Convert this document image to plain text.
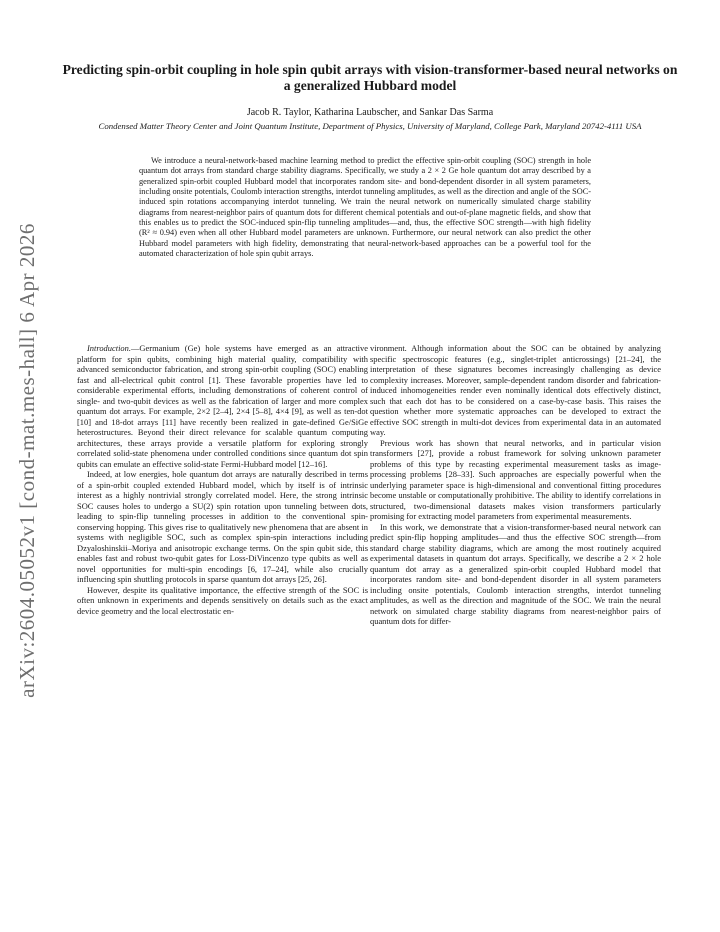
arXiv:2604.05052v1 [cond-mat.mes-hall] 6 Apr 2026
Predicting spin-orbit coupling in hole spin qubit arrays with vision-transformer-based neural networks on a generalized Hubbard model
Jacob R. Taylor, Katharina Laubscher, and Sankar Das Sarma
Condensed Matter Theory Center and Joint Quantum Institute, Department of Physics, University of Maryland, College Park, Maryland 20742-4111 USA

We introduce a neural-network-based machine learning method to predict the effective spin-orbit coupling (SOC) strength in hole quantum dot arrays from standard charge stability diagrams. Specifically, we study a 2 × 2 Ge hole quantum dot array described by a generalized spin-orbit coupled Hubbard model that incorporates random site- and bond-dependent disorder in all system parameters, including onsite potentials, Coulomb interaction strengths, interdot tunneling amplitudes, as well as the direction and angle of the SOC-induced spin rotations accompanying interdot tunneling. We train the neural network on numerically simulated charge stability diagrams from nearest-neighbor pairs of quantum dots for different chemical potentials and out-of-plane magnetic fields, and show that this enables us to predict the SOC-induced spin-flip tunneling amplitudes—and, thus, the effective SOC strength—with high fidelity (R² ≈ 0.94) even when all other Hubbard model parameters are unknown. Furthermore, our neural network can also predict the other Hubbard model parameters with high fidelity, demonstrating that neural-network-based approaches can be a powerful tool for the automated characterization of hole spin qubit arrays.

Introduction.—Germanium (Ge) hole systems have emerged as an attractive platform for spin qubits, combining high material quality, compatibility with advanced semiconductor fabrication, and strong spin-orbit coupling (SOC) enabling fast and all-electrical qubit control [1]. These favorable properties have led to considerable experimental efforts, including demonstrations of coherent control of single- and two-qubit devices as well as the fabrication of larger and more complex quantum dot arrays. For example, 2×2 [2–4], 2×4 [5–8], 4×4 [9], as well as ten-dot [10] and 18-dot arrays [11] have recently been realized in gate-defined Ge/SiGe heterostructures. Beyond their direct relevance for scalable quantum computing architectures, these arrays provide a versatile platform for exploring strongly correlated solid-state phenomena under controlled conditions since quantum dot spin qubits can emulate an effective solid-state Fermi-Hubbard model [12–16].

Indeed, at low energies, hole quantum dot arrays are naturally described in terms of a spin-orbit coupled extended Hubbard model, which by itself is of intrinsic interest as a highly nontrivial strongly correlated model. Here, the strong intrinsic SOC causes holes to undergo a SU(2) spin rotation upon tunneling between dots, leading to spin-flip tunneling processes in addition to the conventional spin-conserving hopping. This gives rise to qualitatively new phenomena that are absent in systems with negligible SOC, such as complex spin-spin interactions including Dzyaloshinskii–Moriya and anisotropic exchange terms. On the spin qubit side, this enables fast and robust two-qubit gates for Loss-DiVincenzo type qubits as well as novel opportunities for multi-spin encodings [6, 17–24], while also crucially influencing spin shuttling protocols in sparse quantum dot arrays [25, 26].

However, despite its qualitative importance, the effective strength of the SOC is often unknown in experiments and depends sensitively on details such as the exact device geometry and the local electrostatic en-

vironment. Although information about the SOC can be obtained by analyzing specific spectroscopic features (e.g., singlet-triplet anticrossings) [21–24], the interpretation of these signatures becomes increasingly challenging as device complexity increases. Moreover, sample-dependent random disorder and fabrication-induced inhomogeneities render even nominally identical dots effectively distinct, such that each dot has to be considered on a case-by-case basis. This raises the question whether more systematic approaches can be developed to extract the effective SOC strength in multi-dot devices from experimental data in an automated way.

Previous work has shown that neural networks, and in particular vision transformers [27], provide a robust framework for solving unknown parameter problems of this type by recasting experimental measurement tasks as image-processing problems [28–33]. Such approaches are especially powerful when the underlying parameter space is high-dimensional and conventional fitting procedures become unstable or computationally prohibitive. The ability to identify correlations in structured, two-dimensional datasets makes vision transformers particularly promising for extracting model parameters from experimental measurements.

In this work, we demonstrate that a vision-transformer-based neural network can predict spin-flip hopping amplitudes—and thus the effective SOC strength—from standard charge stability diagrams, which are among the most routinely acquired experimental datasets in quantum dot arrays. Specifically, we describe a 2 × 2 hole quantum dot array as a generalized spin-orbit coupled Hubbard model that incorporates random site- and bond-dependent disorder in all system parameters including onsite potentials, Coulomb interaction strengths, interdot tunneling amplitudes, as well as the direction and magnitude of the SOC. We train the neural network on simulated charge stability diagrams from nearest-neighbor pairs of quantum dots for differ-
